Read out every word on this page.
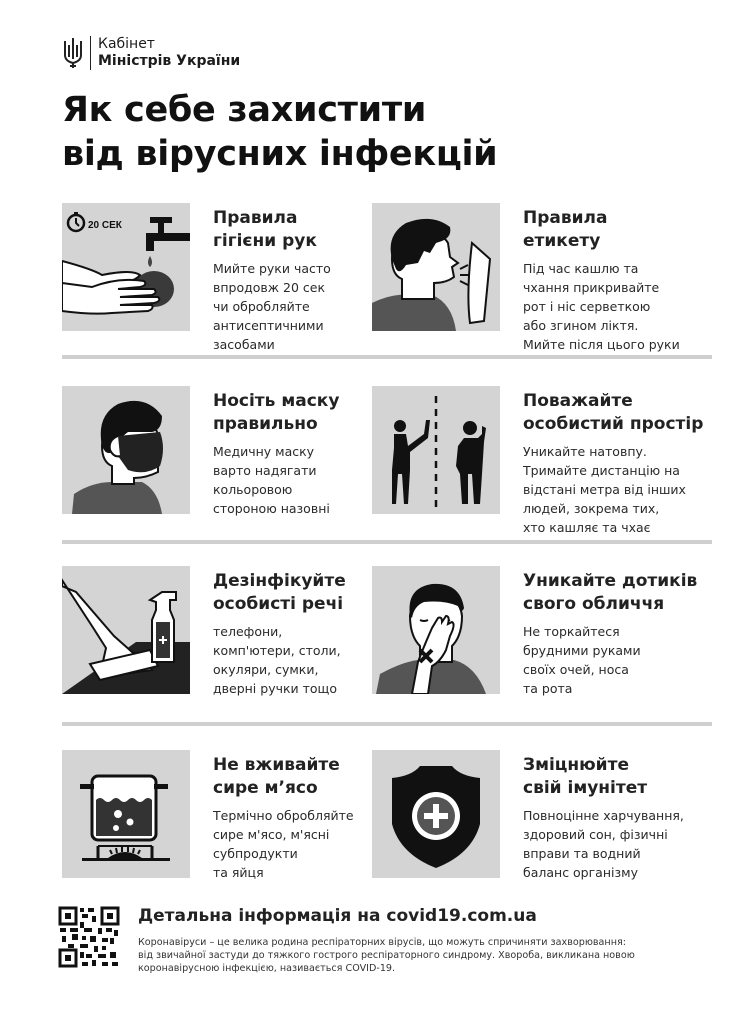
Кабінет
Міністрів України
Як себе захистити
від вірусних інфекцій
20 СЕК	Правила
гігієни рук
Мийте руки часто
впродовж 20 сек
чи обробляйте
антисептичними
засобами
Правила
етикету
Під час кашлю та
чхання прикривайте
рот і ніс серветкою
або згином ліктя.
Мийте після цього руки
Носіть маску
правильно
Медичну маску
варто надягати
кольоровою
стороною назовні
Поважайте
особистий простір
Уникайте натовпу.
Тримайте дистанцію на
відстані метра від інших
людей, зокрема тих,
хто кашляє та чхає
Дезінфікуйте
особисті речі
телефони,
комп'ютери, столи,
окуляри, сумки,
дверні ручки тощо
Уникайте дотиків
свого обличчя
Не торкайтеся
брудними руками
своїх очей, носа
та рота
Не вживайте
сире м’ясо
Термічно обробляйте
сире м'ясо, м'ясні
субпродукти
та яйця
Зміцнюйте
свій імунітет
Повноцінне харчування,
здоровий сон, фізичні
вправи та водний
баланс організму
Детальна інформація на covid19.com.ua
Коронавіруси – це велика родина респіраторних вірусів, що можуть спричиняти захворювання:
від звичайної застуди до тяжкого гострого респіраторного синдрому. Хвороба, викликана новою
коронавірусною інфекцією, називається COVID-19.
